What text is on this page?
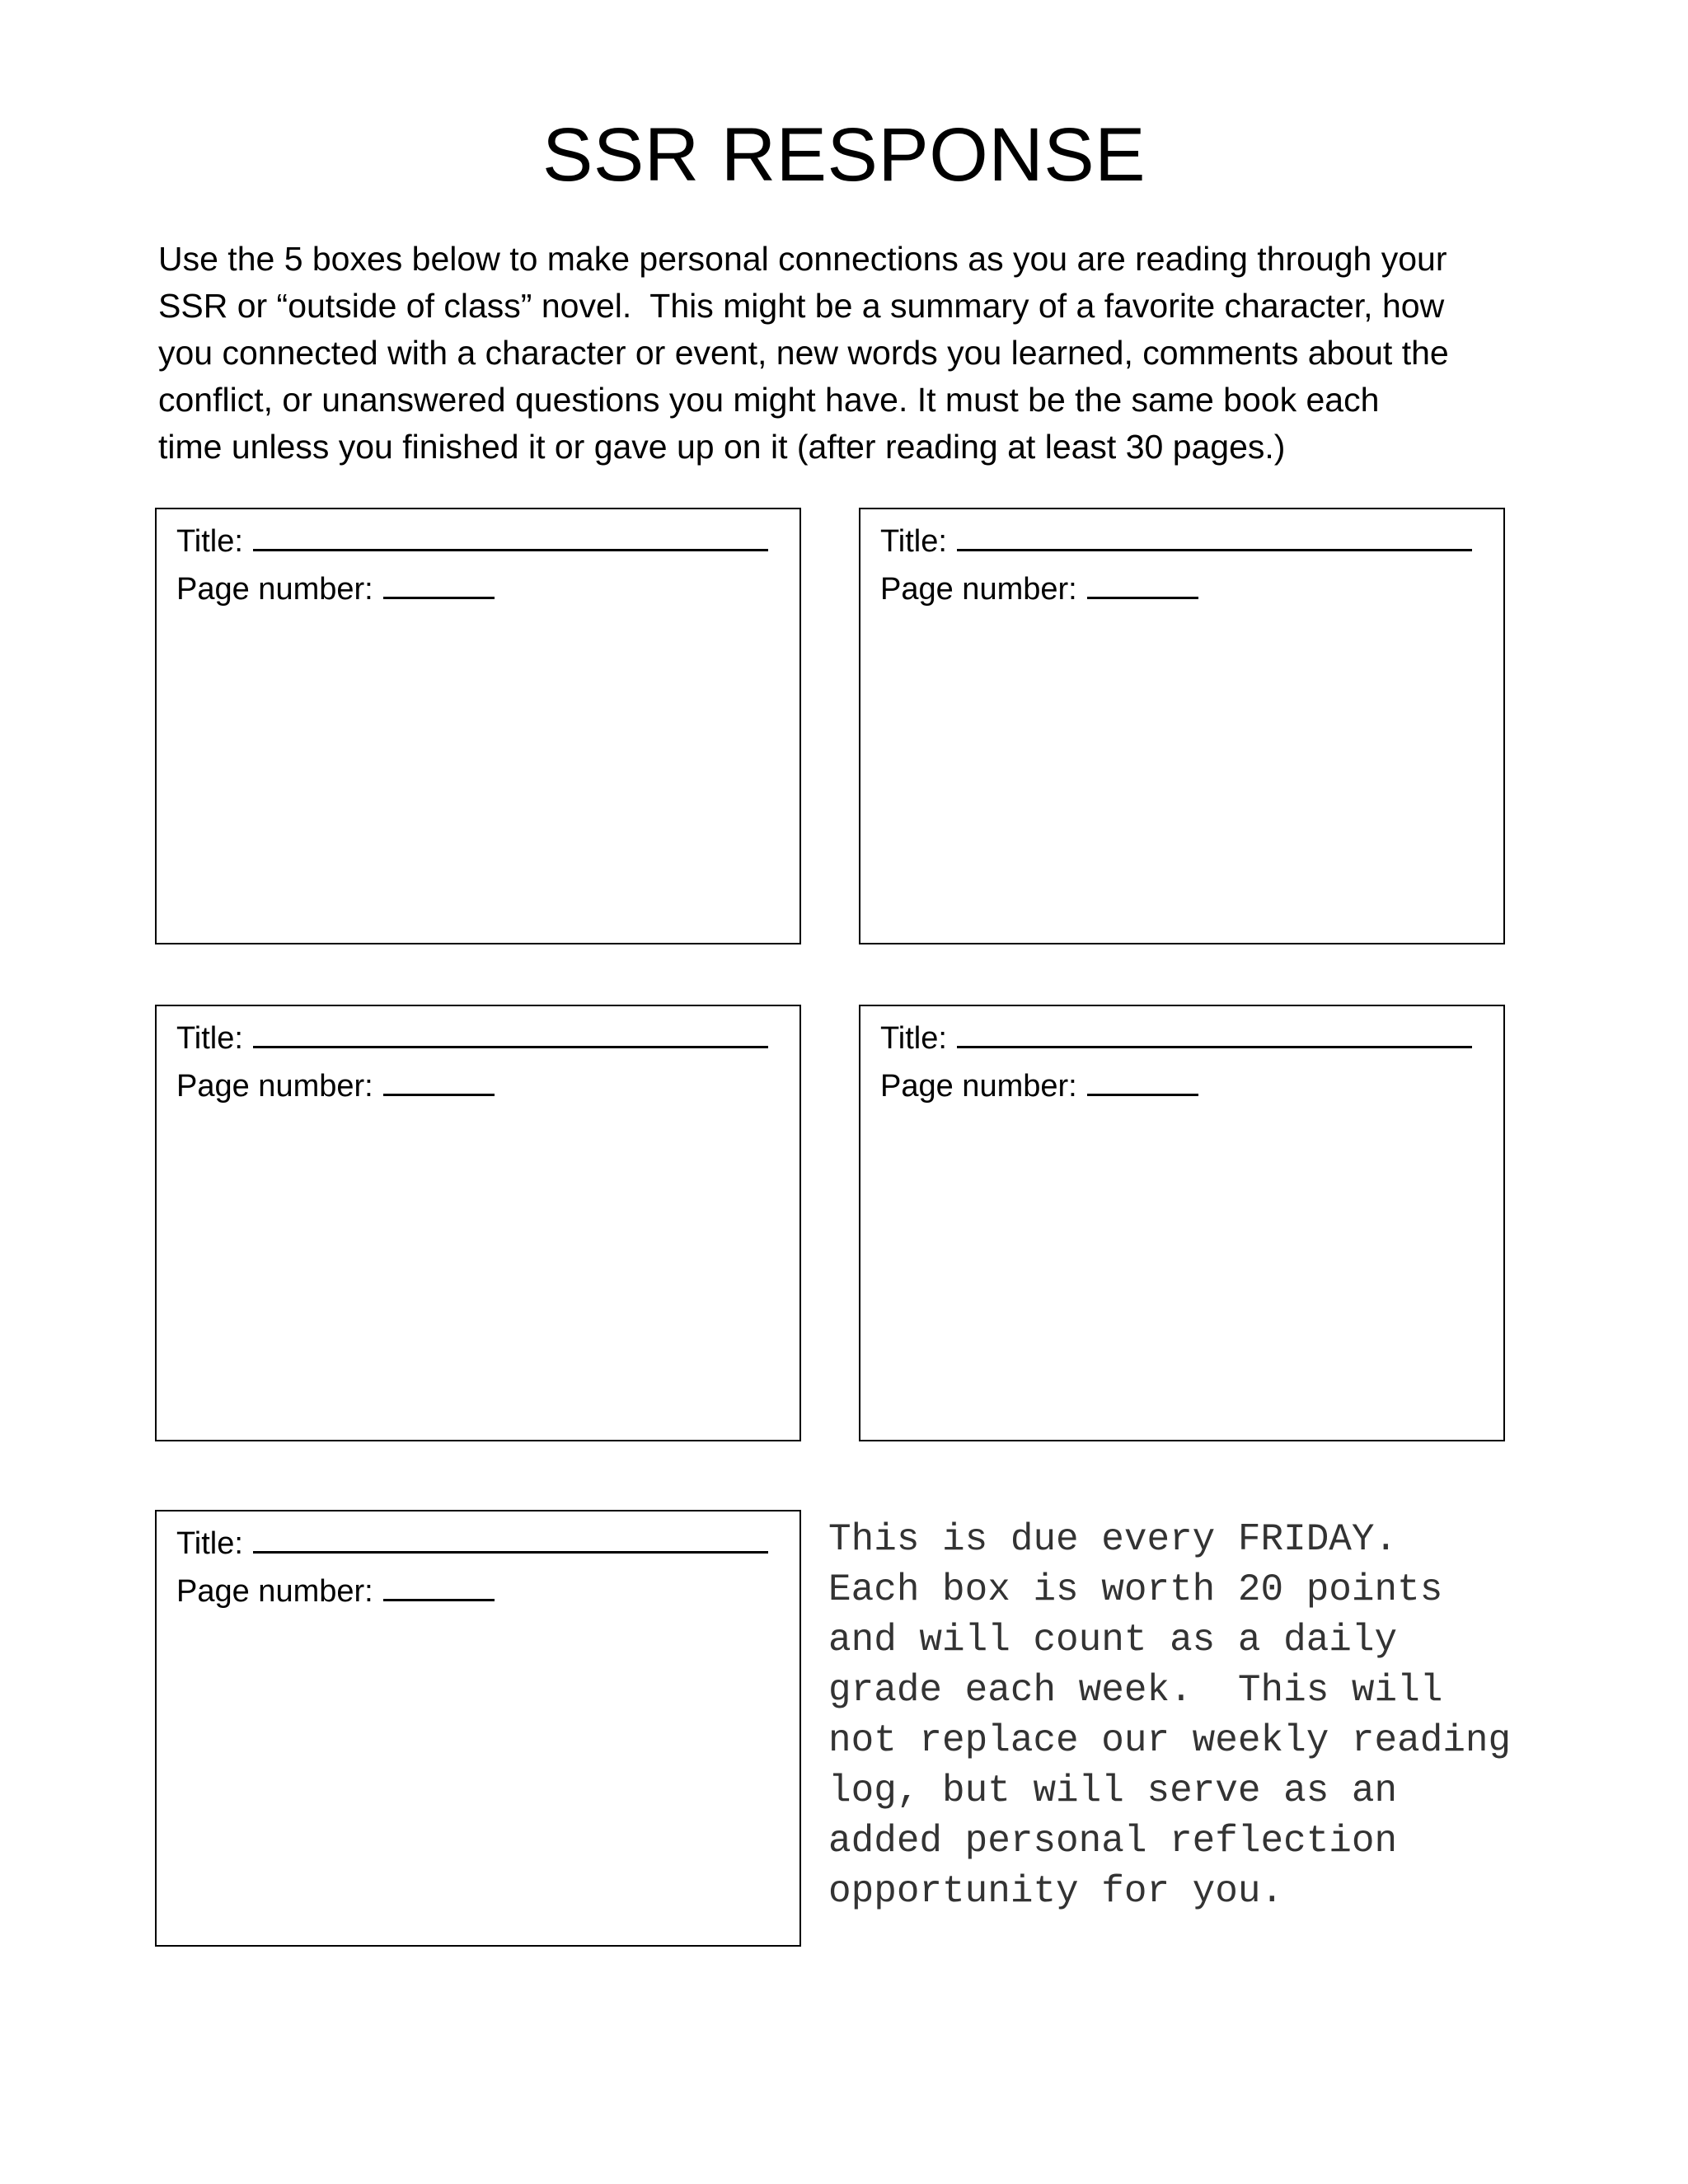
SSR RESPONSE
Use the 5 boxes below to make personal connections as you are reading through your
SSR or “outside of class” novel.  This might be a summary of a favorite character, how
you connected with a character or event, new words you learned, comments about the
conflict, or unanswered questions you might have. It must be the same book each
time unless you finished it or gave up on it (after reading at least 30 pages.)
Title:
Page number:
Title:
Page number:
Title:
Page number:
Title:
Page number:
Title:
Page number:
This is due every FRIDAY.
Each box is worth 20 points
and will count as a daily
grade each week.  This will
not replace our weekly reading
log, but will serve as an
added personal reflection
opportunity for you.
